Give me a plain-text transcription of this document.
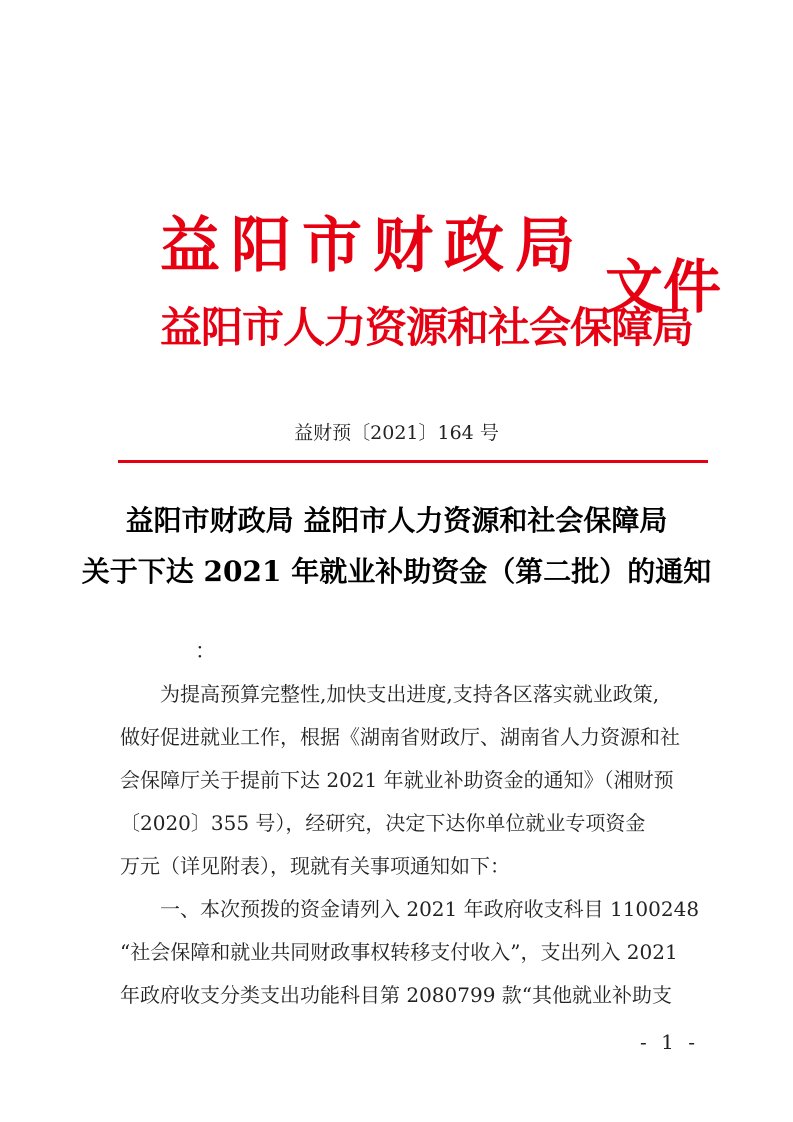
益阳市财政局
益阳市人力资源和社会保障局
文件
益财预〔2021〕164 号
益阳市财政局 益阳市人力资源和社会保障局
关于下达 2021 年就业补助资金（第二批）的通知
：
为提高预算完整性,加快支出进度,支持各区落实就业政策,
做好促进就业工作，根据《湖南省财政厅、湖南省人力资源和社
会保障厅关于提前下达 2021 年就业补助资金的通知》（湘财预
〔2020〕355 号），经研究，决定下达你单位就业专项资金
万元（详见附表），现就有关事项通知如下：
一、本次预拨的资金请列入 2021 年政府收支科目 1100248
“社会保障和就业共同财政事权转移支付收入”，支出列入 2021
年政府收支分类支出功能科目第 2080799 款“其他就业补助支
- 1 -
